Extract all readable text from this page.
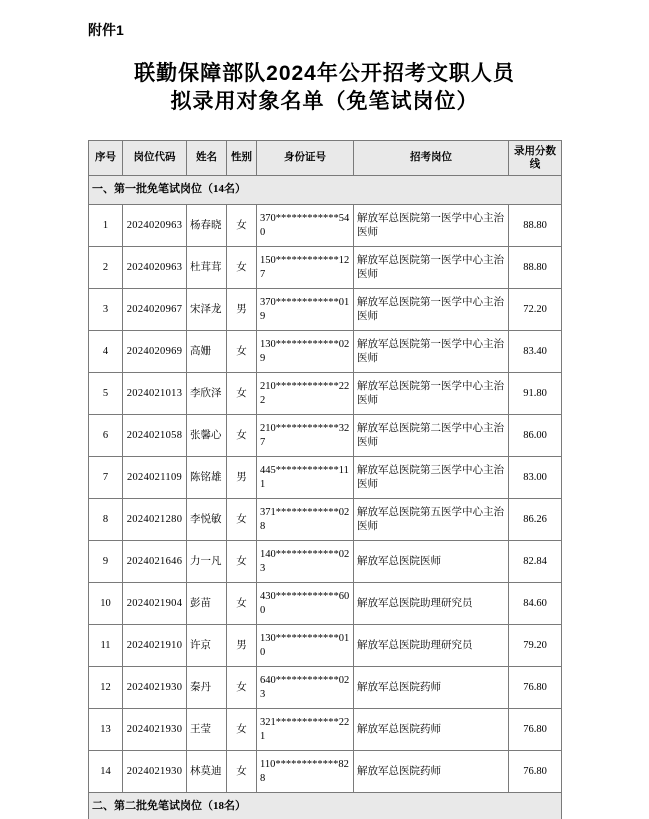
附件1
联勤保障部队2024年公开招考文职人员
拟录用对象名单（免笔试岗位）
序号	岗位代码	姓名	性别	身份证号	招考岗位	录用分数线
一、第一批免笔试岗位（14名）						
1	2024020963	杨春晓	女	370************540	解放军总医院第一医学中心主治医师	88.80
2	2024020963	杜茸茸	女	150************127	解放军总医院第一医学中心主治医师	88.80
3	2024020967	宋泽龙	男	370************019	解放军总医院第一医学中心主治医师	72.20
4	2024020969	高姗	女	130************029	解放军总医院第一医学中心主治医师	83.40
5	2024021013	李欣泽	女	210************222	解放军总医院第一医学中心主治医师	91.80
6	2024021058	张馨心	女	210************327	解放军总医院第二医学中心主治医师	86.00
7	2024021109	陈铭雄	男	445************111	解放军总医院第三医学中心主治医师	83.00
8	2024021280	李悦敏	女	371************028	解放军总医院第五医学中心主治医师	86.26
9	2024021646	力一凡	女	140************023	解放军总医院医师	82.84
10	2024021904	彭苗	女	430************600	解放军总医院助理研究员	84.60
11	2024021910	许京	男	130************010	解放军总医院助理研究员	79.20
12	2024021930	秦丹	女	640************023	解放军总医院药师	76.80
13	2024021930	王莹	女	321************221	解放军总医院药师	76.80
14	2024021930	林莫迪	女	110************828	解放军总医院药师	76.80
二、第二批免笔试岗位（18名）						
